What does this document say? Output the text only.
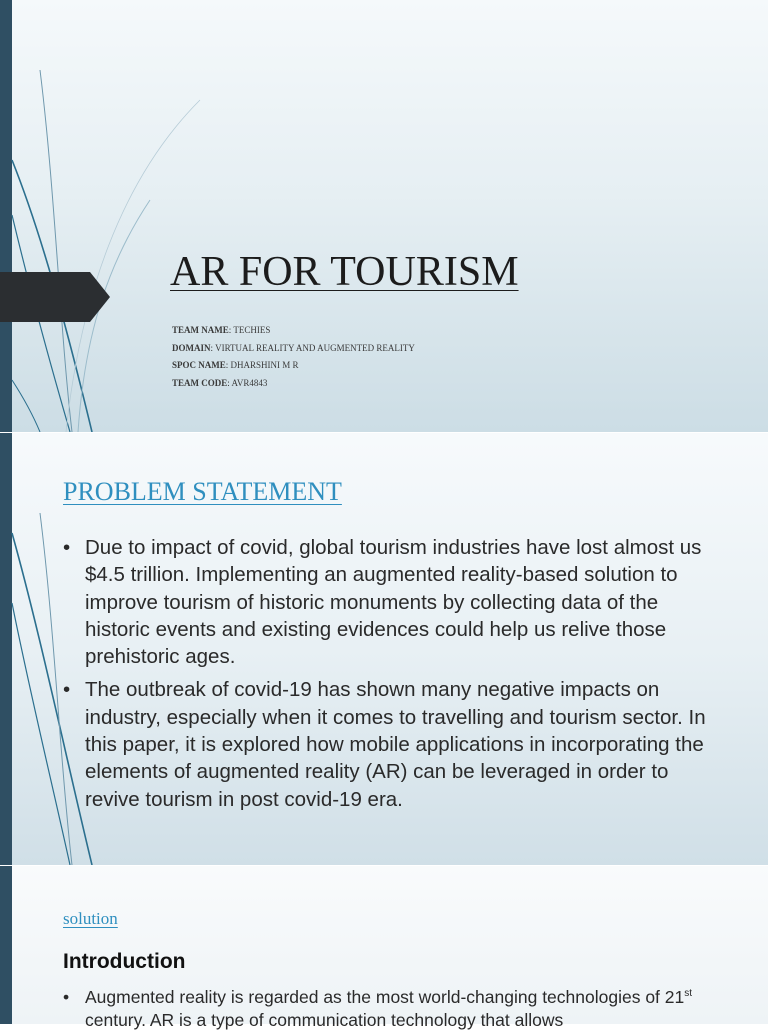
AR FOR TOURISM
TEAM NAME: TECHIES
DOMAIN: VIRTUAL REALITY AND AUGMENTED REALITY
SPOC NAME: DHARSHINI M R
TEAM CODE: AVR4843
PROBLEM STATEMENT
• Due to impact of covid, global tourism industries have lost almost us $4.5 trillion. Implementing an augmented reality-based solution to improve tourism of historic monuments by collecting data of the historic events and existing evidences could help us relive those prehistoric ages.
• The outbreak of covid-19 has shown many negative impacts on industry, especially when it comes to travelling and tourism sector. In this paper, it is explored how mobile applications in incorporating the elements of augmented reality (AR) can be leveraged in order to revive tourism in post covid-19 era.
solution
Introduction
• Augmented reality is regarded as the most world-changing technologies of 21st century. AR is a type of communication technology that allows
